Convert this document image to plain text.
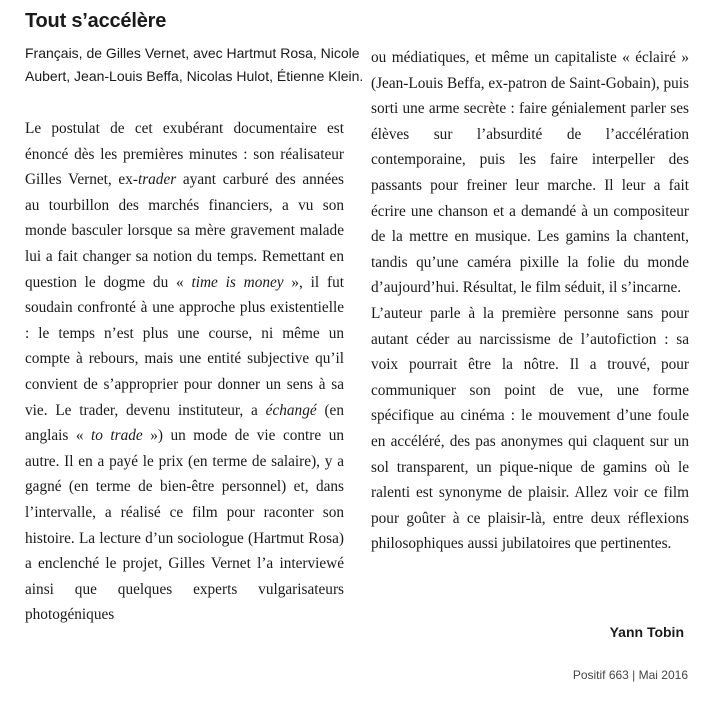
Tout s’accélère
Français, de Gilles Vernet, avec Hartmut Rosa, Nicole Aubert, Jean-Louis Beffa, Nicolas Hulot, Étienne Klein.

Le postulat de cet exubérant documentaire est énoncé dès les premières minutes : son réalisateur Gilles Vernet, ex-trader ayant carburé des années au tourbillon des marchés financiers, a vu son monde basculer lorsque sa mère gravement malade lui a fait changer sa notion du temps. Remettant en question le dogme du « time is money », il fut soudain confronté à une approche plus existentielle : le temps n’est plus une course, ni même un compte à rebours, mais une entité subjective qu’il convient de s’approprier pour donner un sens à sa vie. Le trader, devenu instituteur, a échangé (en anglais « to trade ») un mode de vie contre un autre. Il en a payé le prix (en terme de salaire), y a gagné (en terme de bien-être personnel) et, dans l’intervalle, a réalisé ce film pour raconter son histoire. La lecture d’un sociologue (Hartmut Rosa) a enclenché le projet, Gilles Vernet l’a interviewé ainsi que quelques experts vulgarisateurs photogéniques

ou médiatiques, et même un capitaliste « éclairé » (Jean-Louis Beffa, ex-patron de Saint-Gobain), puis sorti une arme secrète : faire génialement parler ses élèves sur l’absurdité de l’accélération contemporaine, puis les faire interpeller des passants pour freiner leur marche. Il leur a fait écrire une chanson et a demandé à un compositeur de la mettre en musique. Les gamins la chantent, tandis qu’une caméra pixille la folie du monde d’aujourd’hui. Résultat, le film séduit, il s’incarne.

L’auteur parle à la première personne sans pour autant céder au narcissisme de l’autofiction : sa voix pourrait être la nôtre. Il a trouvé, pour communiquer son point de vue, une forme spécifique au cinéma : le mouvement d’une foule en accéléré, des pas anonymes qui claquent sur un sol transparent, un pique-nique de gamins où le ralenti est synonyme de plaisir. Allez voir ce film pour goûter à ce plaisir-là, entre deux réflexions philosophiques aussi jubilatoires que pertinentes.

Yann Tobin
Positif 663 | Mai 2016
